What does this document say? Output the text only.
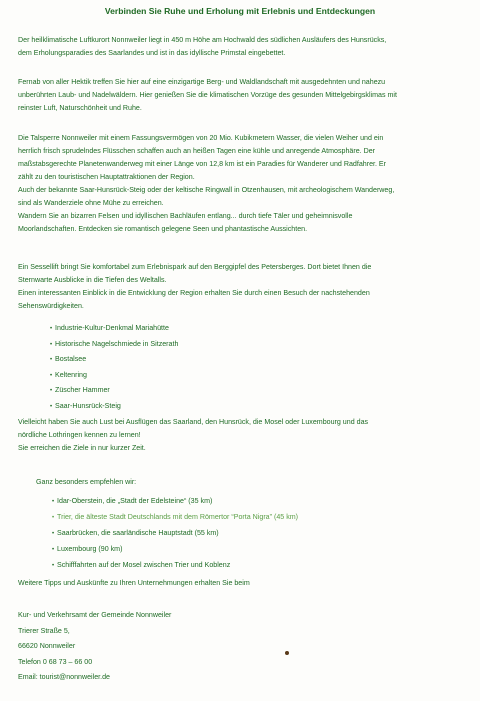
Verbinden Sie Ruhe und Erholung mit Erlebnis und Entdeckungen
Der heilklimatische Luftkurort Nonnweiler liegt in 450 m Höhe am Hochwald des südlichen Ausläufers des Hunsrücks,
dem Erholungsparadies des Saarlandes und ist in das idyllische Primstal eingebettet.
Fernab von aller Hektik treffen Sie hier auf eine einzigartige Berg- und Waldlandschaft mit ausgedehnten und nahezu
unberührten Laub- und Nadelwäldern. Hier genießen Sie die klimatischen Vorzüge des gesunden Mittelgebirgsklimas mit
reinster Luft, Naturschönheit und Ruhe.
Die Talsperre Nonnweiler mit einem Fassungsvermögen von 20 Mio. Kubikmetern Wasser, die vielen Weiher und ein
herrlich frisch sprudelndes Flüsschen schaffen auch an heißen Tagen eine kühle und anregende Atmosphäre. Der
maßstabsgerechte Planetenwanderweg mit einer Länge von 12,8 km ist ein Paradies für Wanderer und Radfahrer. Er
zählt zu den touristischen Hauptattraktionen der Region.
Auch der bekannte Saar-Hunsrück-Steig oder der keltische Ringwall in Otzenhausen, mit archeologischem Wanderweg,
sind als Wanderziele ohne Mühe zu erreichen.
Wandern Sie an bizarren Felsen und idyllischen Bachläufen entlang... durch tiefe Täler und geheimnisvolle
Moorlandschaften. Entdecken sie romantisch gelegene Seen und phantastische Aussichten.
Ein Sessellift bringt Sie komfortabel zum Erlebnispark auf den Berggipfel des Petersberges. Dort bietet Ihnen die
Sternwarte Ausblicke in die Tiefen des Weltalls.
Einen interessanten Einblick in die Entwicklung der Region erhalten Sie durch einen Besuch der nachstehenden
Sehenswürdigkeiten.
• Industrie-Kultur-Denkmal Mariahütte
• Historische Nagelschmiede in Sitzerath
• Bostalsee
• Keltenring
• Züscher Hammer
• Saar-Hunsrück-Steig
Vielleicht haben Sie auch Lust bei Ausflügen das Saarland, den Hunsrück, die Mosel oder Luxembourg und das
nördliche Lothringen kennen zu lernen!
Sie erreichen die Ziele in nur kurzer Zeit.
Ganz besonders empfehlen wir:
• Idar-Oberstein, die „Stadt der Edelsteine“ (35 km)
• Trier, die älteste Stadt Deutschlands mit dem Römertor “Porta Nigra” (45 km)
• Saarbrücken, die saarländische Hauptstadt (55 km)
• Luxembourg (90 km)
• Schifffahrten auf der Mosel zwischen Trier und Koblenz
Weitere Tipps und Auskünfte zu Ihren Unternehmungen erhalten Sie beim
Kur- und Verkehrsamt der Gemeinde Nonnweiler
Trierer Straße 5,
66620 Nonnweiler
Telefon 0 68 73 – 66 00
Email: tourist@nonnweiler.de
